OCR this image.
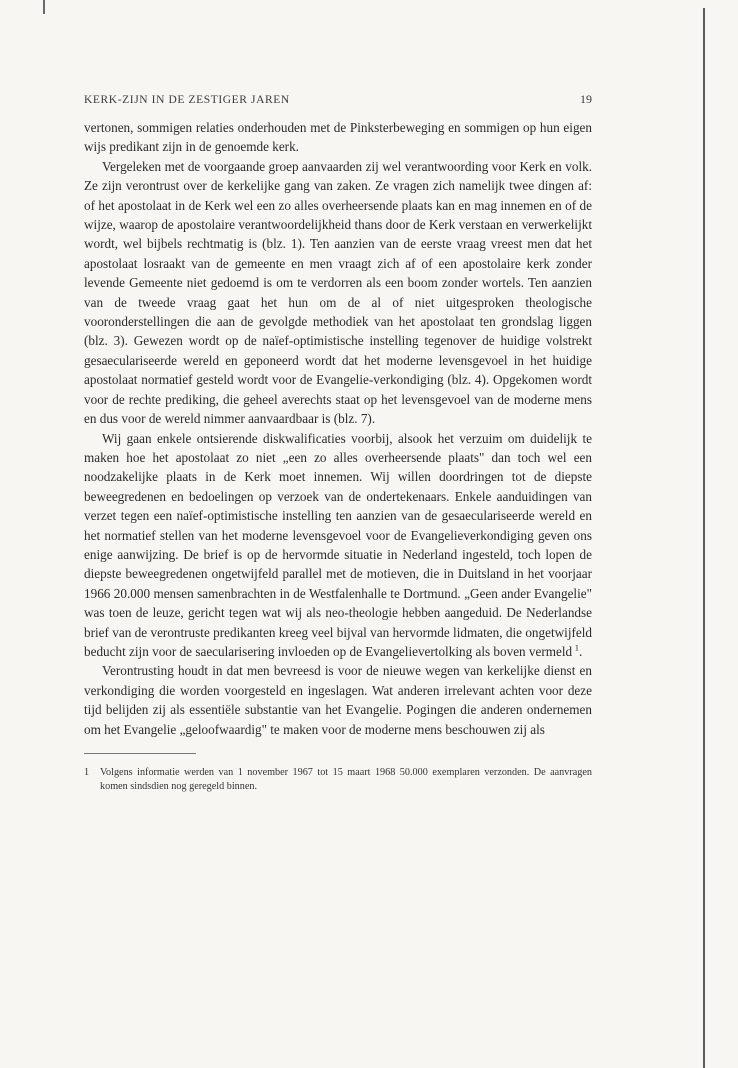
KERK-ZIJN IN DE ZESTIGER JAREN	19

vertonen, sommigen relaties onderhouden met de Pinksterbeweging en sommigen op hun eigen wijs predikant zijn in de genoemde kerk.

Vergeleken met de voorgaande groep aanvaarden zij wel verantwoording voor Kerk en volk. Ze zijn verontrust over de kerkelijke gang van zaken. Ze vragen zich namelijk twee dingen af: of het apostolaat in de Kerk wel een zo alles overheersende plaats kan en mag innemen en of de wijze, waarop de apostolaire verantwoordelijkheid thans door de Kerk verstaan en verwerkelijkt wordt, wel bijbels rechtmatig is (blz. 1). Ten aanzien van de eerste vraag vreest men dat het apostolaat losraakt van de gemeente en men vraagt zich af of een apostolaire kerk zonder levende Gemeente niet gedoemd is om te verdorren als een boom zonder wortels. Ten aanzien van de tweede vraag gaat het hun om de al of niet uitgesproken theologische vooronderstellingen die aan de gevolgde methodiek van het apostolaat ten grondslag liggen (blz. 3). Gewezen wordt op de naïef-optimistische instelling tegenover de huidige volstrekt gesaeculariseerde wereld en geponeerd wordt dat het moderne levensgevoel in het huidige apostolaat normatief gesteld wordt voor de Evangelie-verkondiging (blz. 4). Opgekomen wordt voor de rechte prediking, die geheel averechts staat op het levensgevoel van de moderne mens en dus voor de wereld nimmer aanvaardbaar is (blz. 7).

Wij gaan enkele ontsierende diskwalificaties voorbij, alsook het verzuim om duidelijk te maken hoe het apostolaat zo niet „een zo alles overheersende plaats" dan toch wel een noodzakelijke plaats in de Kerk moet innemen. Wij willen doordringen tot de diepste beweegredenen en bedoelingen op verzoek van de ondertekenaars. Enkele aanduidingen van verzet tegen een naïef-optimistische instelling ten aanzien van de gesaeculariseerde wereld en het normatief stellen van het moderne levensgevoel voor de Evangelieverkondiging geven ons enige aanwijzing. De brief is op de hervormde situatie in Nederland ingesteld, toch lopen de diepste beweegredenen ongetwijfeld parallel met de motieven, die in Duitsland in het voorjaar 1966 20.000 mensen samenbrachten in de Westfalenhalle te Dortmund. „Geen ander Evangelie" was toen de leuze, gericht tegen wat wij als neo-theologie hebben aangeduid. De Nederlandse brief van de verontruste predikanten kreeg veel bijval van hervormde lidmaten, die ongetwijfeld beducht zijn voor de saecularisering invloeden op de Evangelievertolking als boven vermeld  $^1$.

Verontrusting houdt in dat men bevreesd is voor de nieuwe wegen van kerkelijke dienst en verkondiging die worden voorgesteld en ingeslagen. Wat anderen irrelevant achten voor deze tijd belijden zij als essentiële substantie van het Evangelie. Pogingen die anderen ondernemen om het Evangelie „geloofwaardig" te maken voor de moderne mens beschouwen zij als

1 Volgens informatie werden van 1 november 1967 tot 15 maart 1968 50.000 exemplaren verzonden. De aanvragen komen sindsdien nog geregeld binnen.
